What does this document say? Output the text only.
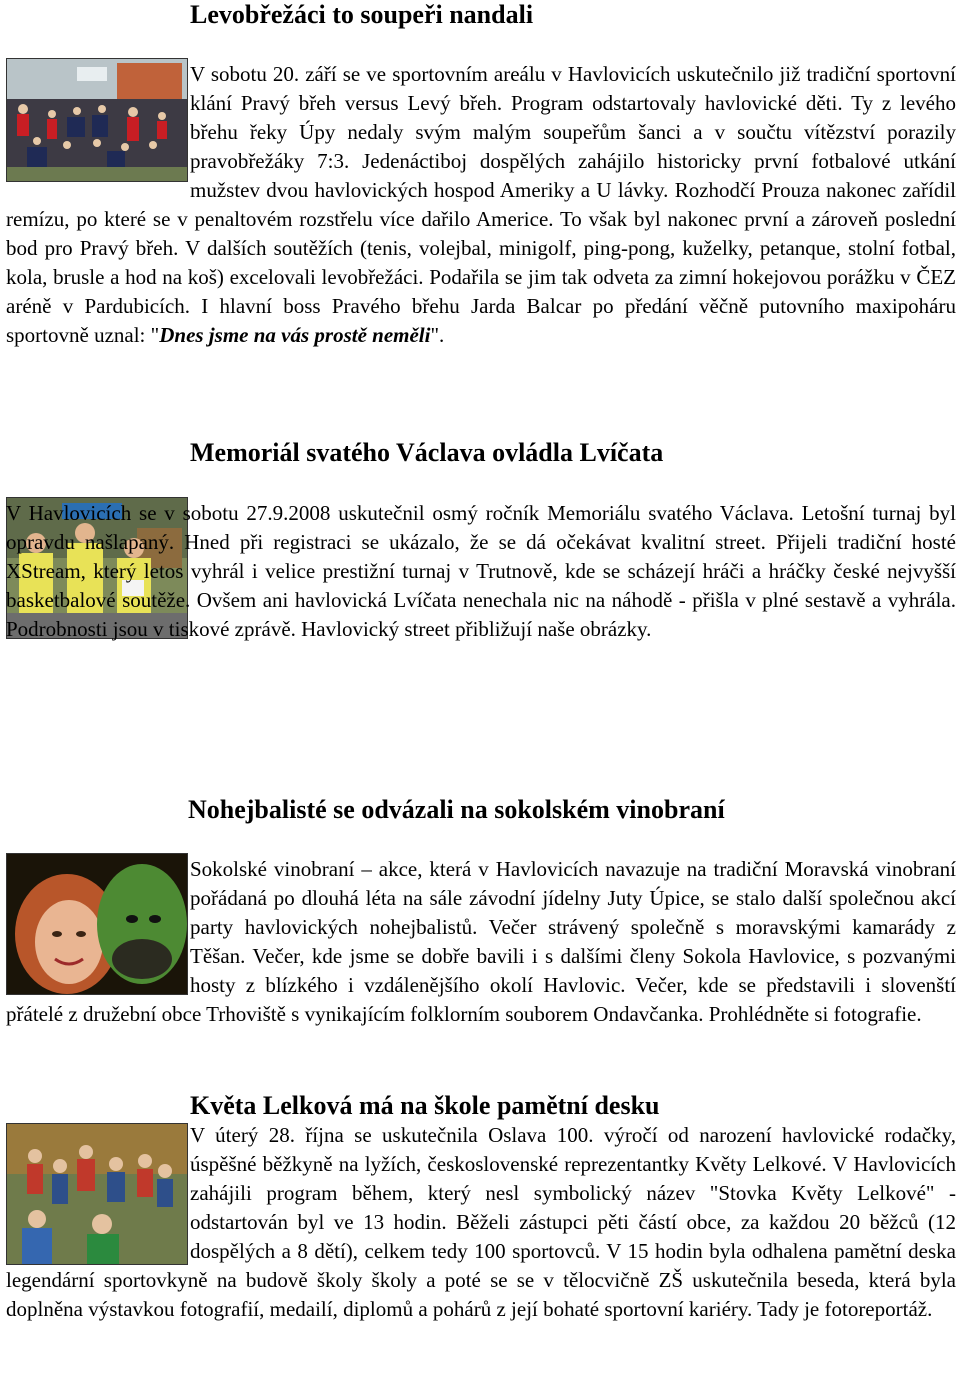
Levobřežáci to soupeři nandali
V sobotu 20. září se ve sportovním areálu v Havlovicích uskutečnilo již tradiční sportovní klání Pravý břeh versus Levý břeh. Program odstartovaly havlovické děti. Ty z levého břehu řeky Úpy nedaly svým malým soupeřům šanci a v součtu vítězství porazily pravobřežáky 7:3. Jedenáctiboj dospělých zahájilo historicky první fotbalové utkání mužstev dvou havlovických hospod Ameriky a U lávky. Rozhodčí Prouza nakonec zařídil remízu, po které se v penaltovém rozstřelu více dařilo Americe. To však byl nakonec první a zároveň poslední bod pro Pravý břeh. V dalších soutěžích (tenis, volejbal, minigolf, ping-pong, kuželky, petanque, stolní fotbal, kola, brusle a hod na koš) excelovali levobřežáci. Podařila se jim tak odveta za zimní hokejovou porážku v ČEZ aréně v Pardubicích. I hlavní boss Pravého břehu Jarda Balcar po předání věčně putovního maxipoháru sportovně uznal: "Dnes jsme na vás prostě neměli".
Memoriál svatého Václava ovládla Lvíčata
V Havlovicích se v sobotu 27.9.2008 uskutečnil osmý ročník Memoriálu svatého Václava. Letošní turnaj byl opravdu našlapaný. Hned při registraci se ukázalo, že se dá očekávat kvalitní street. Přijeli tradiční hosté XStream, který letos vyhrál i velice prestižní turnaj v Trutnově, kde se scházejí hráči a hráčky české nejvyšší basketbalové soutěže. Ovšem ani havlovická Lvíčata nenechala nic na náhodě - přišla v plné sestavě a vyhrála. Podrobnosti jsou v tiskové zprávě. Havlovický street přibližují naše obrázky.
Nohejbalisté se odvázali na sokolském vinobraní
Sokolské vinobraní – akce, která v Havlovicích navazuje na tradiční Moravská vinobraní pořádaná po dlouhá léta na sále závodní jídelny Juty Úpice, se stalo další společnou akcí party havlovických nohejbalistů. Večer strávený společně s moravskými kamarády z Těšan. Večer, kde jsme se dobře bavili i s dalšími členy Sokola Havlovice, s pozvanými hosty z blízkého i vzdálenějšího okolí Havlovic. Večer, kde se představili i slovenští přátelé z družební obce Trhoviště s vynikajícím folklorním souborem Ondavčanka. Prohlédněte si fotografie.
Květa Lelková má na škole pamětní desku
V úterý 28. října se uskutečnila Oslava 100. výročí od narození havlovické rodačky, úspěšné běžkyně na lyžích, československé reprezentantky Květy Lelkové. V Havlovicích zahájili program během, který nesl symbolický název "Stovka Květy Lelkové" - odstartován byl ve 13 hodin. Běželi zástupci pěti částí obce, za každou 20 běžců (12 dospělých a 8 dětí), celkem tedy 100 sportovců. V 15 hodin byla odhalena pamětní deska legendární sportovkyně na budově školy školy a poté se se v tělocvičně ZŠ uskutečnila beseda, která byla doplněna výstavkou fotografií, medailí, diplomů a pohárů z její bohaté sportovní kariéry. Tady je fotoreportáž.
